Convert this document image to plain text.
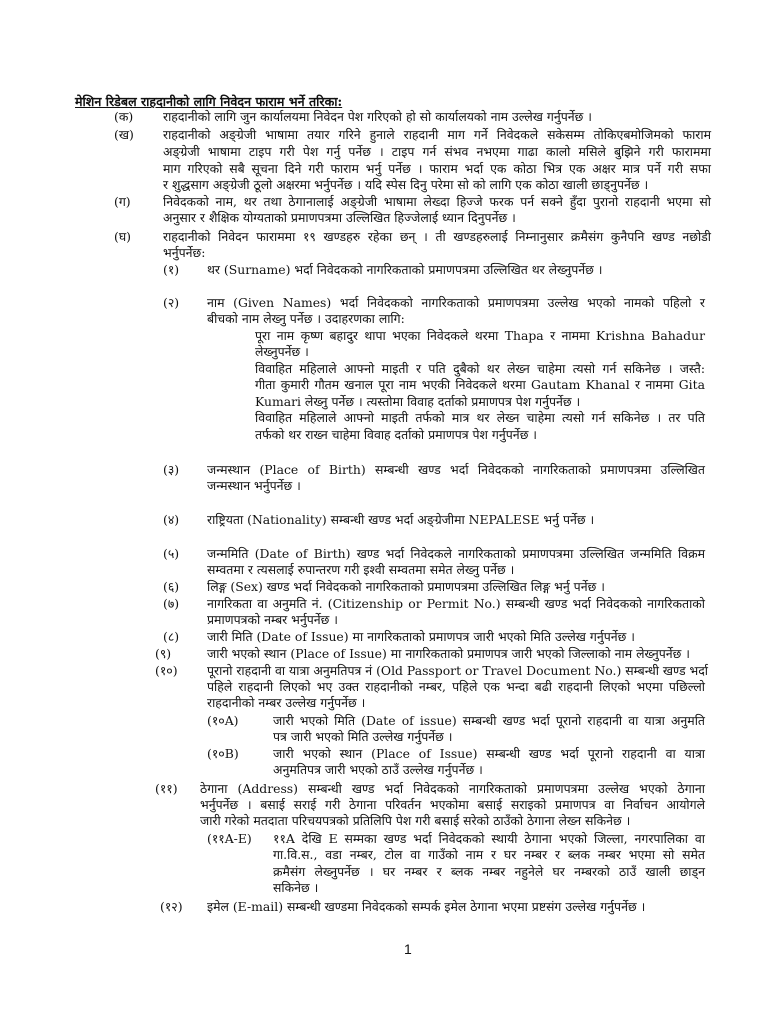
मेशिन रिडेबल राहदानीको लागि निवेदन फाराम भर्ने तरिका:
(क) राहदानीको लागि जुन कार्यालयमा निवेदन पेश गरिएको हो सो कार्यालयको नाम उल्लेख गर्नुपर्नेछ ।
(ख) राहदानीको अङ्ग्रेजी भाषामा तयार गरिने हुनाले राहदानी माग गर्ने निवेदकले सकेसम्म तोकिएबमोजिमको फाराम
अङ्ग्रेजी भाषामा टाइप गरी पेश गर्नु पर्नेछ । टाइप गर्न संभव नभएमा गाढा कालो मसिले बुझिने गरी फाराममा
माग गरिएको सबै सूचना दिने गरी फाराम भर्नु पर्नेछ । फाराम भर्दा एक कोठा भित्र एक अक्षर मात्र पर्ने गरी सफा
र शुद्धसाग अङ्ग्रेजी ठूलो अक्षरमा भर्नुपर्नेछ । यदि स्पेस दिनु परेमा सो को लागि एक कोठा खाली छाड्नुपर्नेछ ।
(ग)	निवेदकको नाम, थर तथा ठेगानालाई अङ्ग्रेजी भाषामा लेख्दा हिज्जे फरक पर्न सक्ने हुँदा पुरानो राहदानी भएमा सो
अनुसार र शैक्षिक योग्यताको प्रमाणपत्रमा उल्लिखित हिज्जेलाई ध्यान दिनुपर्नेछ ।
(घ)	राहदानीको निवेदन फाराममा १९ खण्डहरु रहेका छन् । ती खण्डहरुलाई निम्नानुसार क्रमैसंग कुनैपनि खण्ड नछोडी
भर्नुपर्नेछ:
(१) थर (Surname) भर्दा निवेदकको नागरिकताको प्रमाणपत्रमा उल्लिखित थर लेख्नुपर्नेछ ।
(२) नाम (Given Names) भर्दा निवेदकको नागरिकताको प्रमाणपत्रमा उल्लेख भएको नामको पहिलो र
बीचको नाम लेख्नु पर्नेछ । उदाहरणका लागि:
पूरा नाम कृष्ण बहादुर थापा भएका निवेदकले थरमा Thapa र नाममा Krishna Bahadur
लेख्नुपर्नेछ ।
विवाहित महिलाले आफ्नो माइती र पति दुबैको थर लेख्न चाहेमा त्यसो गर्न सकिनेछ । जस्तै:
गीता कुमारी गौतम खनाल पूरा नाम भएकी निवेदकले थरमा Gautam Khanal र नाममा Gita
Kumari लेख्नु पर्नेछ । त्यस्तोमा विवाह दर्ताको प्रमाणपत्र पेश गर्नुपर्नेछ ।
विवाहित महिलाले आफ्नो माइती तर्फको मात्र थर लेख्न चाहेमा त्यसो गर्न सकिनेछ । तर पति
तर्फको थर राख्न चाहेमा विवाह दर्ताको प्रमाणपत्र पेश गर्नुपर्नेछ ।
(३) जन्मस्थान (Place of Birth) सम्बन्धी खण्ड भर्दा निवेदकको नागरिकताको प्रमाणपत्रमा उल्लिखित
जन्मस्थान भर्नुपर्नेछ ।
(४) राष्ट्रियता (Nationality) सम्बन्धी खण्ड भर्दा अङ्ग्रेजीमा NEPALESE भर्नु पर्नेछ ।
(५) जन्ममिति (Date of Birth) खण्ड भर्दा निवेदकले नागरिकताको प्रमाणपत्रमा उल्लिखित जन्ममिति विक्रम
सम्वतमा र त्यसलाई रुपान्तरण गरी इश्वी सम्वतमा समेत लेख्नु पर्नेछ ।
(६) लिङ्ग (Sex) खण्ड भर्दा निवेदकको नागरिकताको प्रमाणपत्रमा उल्लिखित लिङ्ग भर्नु पर्नेछ ।
(७) नागरिकता वा अनुमति नं. (Citizenship or Permit No.) सम्बन्धी खण्ड भर्दा निवेदकको नागरिकताको
प्रमाणपत्रको नम्बर भर्नुपर्नेछ ।
(८) जारी मिति (Date of Issue) मा नागरिकताको प्रमाणपत्र जारी भएको मिति उल्लेख गर्नुपर्नेछ ।
(९)	जारी भएको स्थान (Place of Issue) मा नागरिकताको प्रमाणपत्र जारी भएको जिल्लाको नाम लेख्नुपर्नेछ ।
(१०) पूरानो राहदानी वा यात्रा अनुमतिपत्र नं (Old Passport or Travel Document No.) सम्बन्धी खण्ड भर्दा
पहिले राहदानी लिएको भए उक्त राहदानीको नम्बर, पहिले एक भन्दा बढी राहदानी लिएको भएमा पछिल्लो
राहदानीको नम्बर उल्लेख गर्नुपर्नेछ ।
(१०A)	जारी भएको मिति (Date of issue) सम्बन्धी खण्ड भर्दा पूरानो राहदानी वा यात्रा अनुमति
पत्र जारी भएको मिति उल्लेख गर्नुपर्नेछ ।
(१०B)	जारी भएको स्थान (Place of Issue) सम्बन्धी खण्ड भर्दा पूरानो राहदानी वा यात्रा
अनुमतिपत्र जारी भएको ठाउँ उल्लेख गर्नुपर्नेछ ।
(११) ठेगाना (Address) सम्बन्धी खण्ड भर्दा निवेदकको नागरिकताको प्रमाणपत्रमा उल्लेख भएको ठेगाना
भर्नुपर्नेछ । बसाई सराई गरी ठेगाना परिवर्तन भएकोमा बसाई सराइको प्रमाणपत्र वा निर्वाचन आयोगले
जारी गरेको मतदाता परिचयपत्रको प्रतिलिपि पेश गरी बसाई सरेको ठाउँको ठेगाना लेख्न सकिनेछ ।
(११A-E) ११A देखि E सम्मका खण्ड भर्दा निवेदकको स्थायी ठेगाना भएको जिल्ला, नगरपालिका वा
गा.वि.स., वडा नम्बर, टोल वा गाउँको नाम र घर नम्बर र ब्लक नम्बर भएमा सो समेत
क्रमैसंग लेख्नुपर्नेछ । घर नम्बर र ब्लक नम्बर नहुनेले घर नम्बरको ठाउँ खाली छाड्न
सकिनेछ ।
(१२) इमेल (E-mail) सम्बन्धी खण्डमा निवेदकको सम्पर्क इमेल ठेगाना भएमा प्रष्टसंग उल्लेख गर्नुपर्नेछ ।
1
